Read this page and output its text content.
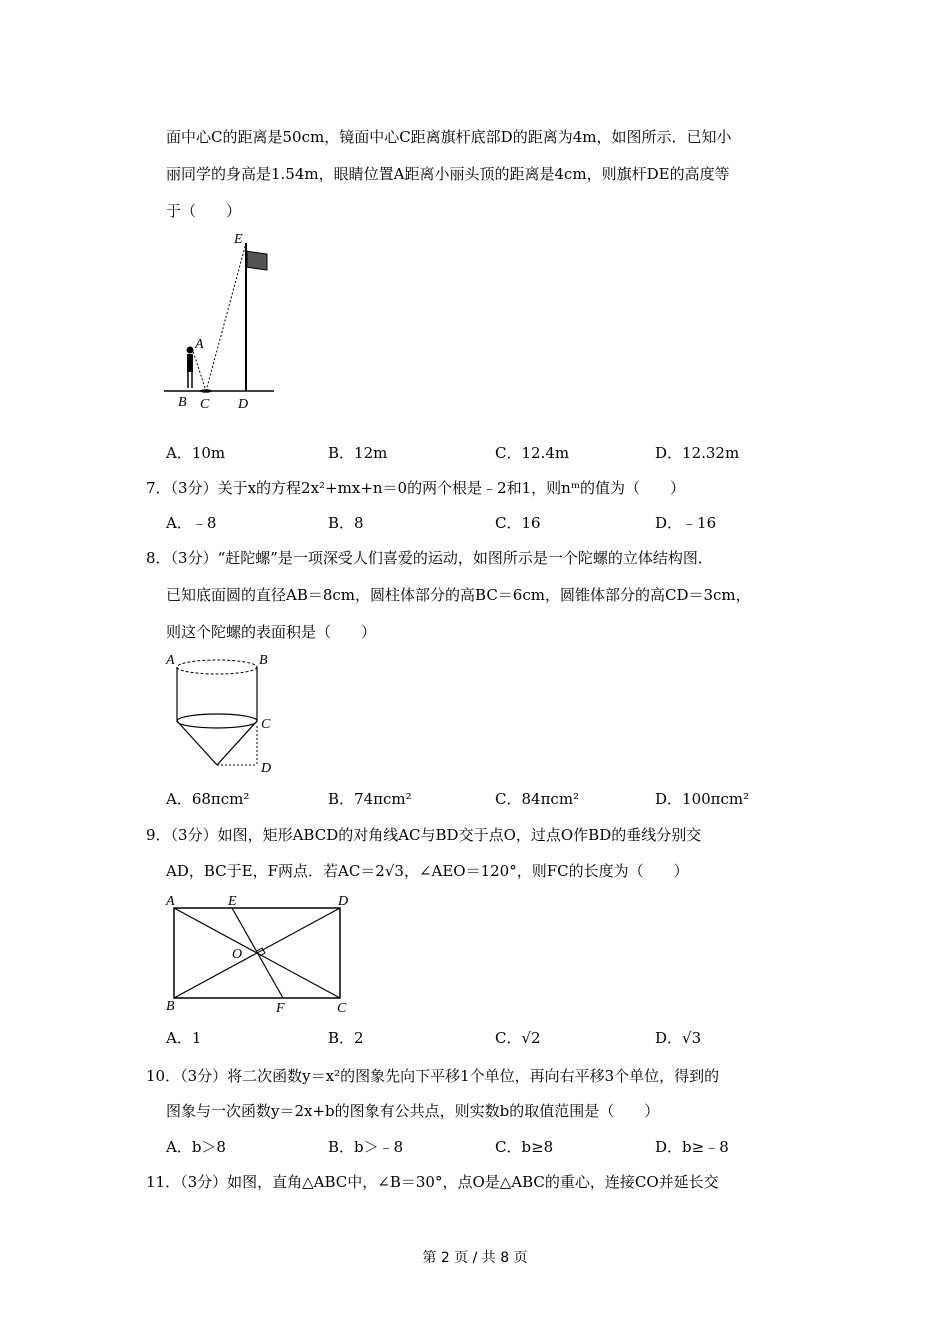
面中心C的距离是50cm，镜面中心C距离旗杆底部D的距离为4m，如图所示．已知小
丽同学的身高是1.54m，眼睛位置A距离小丽头顶的距离是4cm，则旗杆DE的高度等
于（　　）
E
A
B C D
A．10m	B．12m	C．12.4m	D．12.32m
7．（3分）关于x的方程2x²+mx+n＝0的两个根是﹣2和1，则nᵐ的值为（　　）
A．﹣8	B．8	C．16	D．﹣16
8．（3分）“赶陀螺”是一项深受人们喜爱的运动，如图所示是一个陀螺的立体结构图．
已知底面圆的直径AB＝8cm，圆柱体部分的高BC＝6cm，圆锥体部分的高CD＝3cm，
则这个陀螺的表面积是（　　）
A	B
C
D
A．68πcm²	B．74πcm²	C．84πcm²	D．100πcm²
9．（3分）如图，矩形ABCD的对角线AC与BD交于点O，过点O作BD的垂线分别交
AD，BC于E，F两点．若AC＝2√3，∠AEO＝120°，则FC的长度为（　　）
A	E	D
O
B	F	C
A．1	B．2	C．√2	D．√3
10．（3分）将二次函数y＝x²的图象先向下平移1个单位，再向右平移3个单位，得到的
图象与一次函数y＝2x+b的图象有公共点，则实数b的取值范围是（　　）
A．b＞8	B．b＞﹣8	C．b≥8	D．b≥﹣8
11．（3分）如图，直角△ABC中，∠B＝30°，点O是△ABC的重心，连接CO并延长交
第 2 页 / 共 8 页
